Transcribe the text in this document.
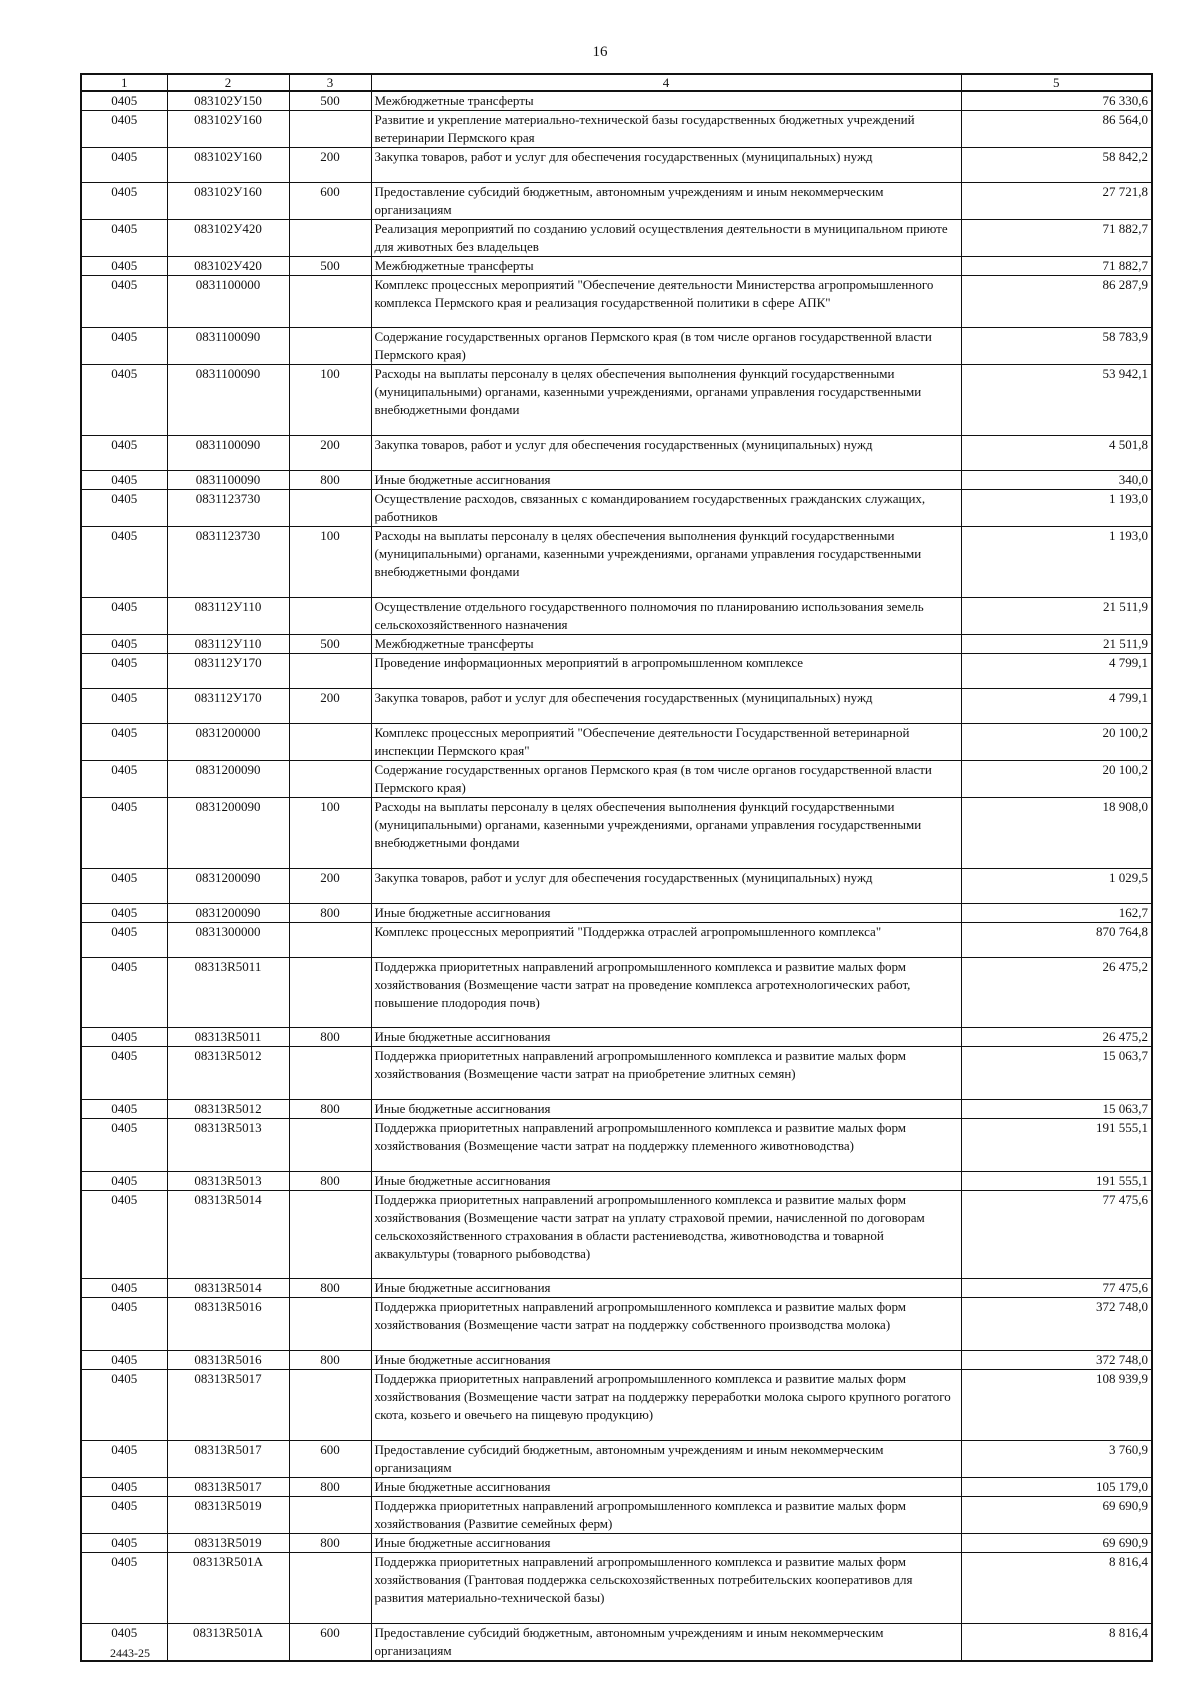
16
1	2	3	4	5
0405	083102У150	500	Межбюджетные трансферты	76 330,6
0405	083102У160		Развитие и укрепление материально-технической базы государственных бюджетных учреждений ветеринарии Пермского края	86 564,0
0405	083102У160	200	Закупка товаров, работ и услуг для обеспечения государственных (муниципальных) нужд	58 842,2
0405	083102У160	600	Предоставление субсидий бюджетным, автономным учреждениям и иным некоммерческим организациям	27 721,8
0405	083102У420		Реализация мероприятий по созданию условий осуществления деятельности в муниципальном приюте для животных без владельцев	71 882,7
0405	083102У420	500	Межбюджетные трансферты	71 882,7
0405	0831100000		Комплекс процессных мероприятий "Обеспечение деятельности Министерства агропромышленного комплекса Пермского края и реализация государственной политики в сфере АПК"	86 287,9
0405	0831100090		Содержание государственных органов Пермского края (в том числе органов государственной власти Пермского края)	58 783,9
0405	0831100090	100	Расходы на выплаты персоналу в целях обеспечения выполнения функций государственными (муниципальными) органами, казенными учреждениями, органами управления государственными внебюджетными фондами	53 942,1
0405	0831100090	200	Закупка товаров, работ и услуг для обеспечения государственных (муниципальных) нужд	4 501,8
0405	0831100090	800	Иные бюджетные ассигнования	340,0
0405	0831123730		Осуществление расходов, связанных с командированием государственных гражданских служащих, работников	1 193,0
0405	0831123730	100	Расходы на выплаты персоналу в целях обеспечения выполнения функций государственными (муниципальными) органами, казенными учреждениями, органами управления государственными внебюджетными фондами	1 193,0
0405	083112У110		Осуществление отдельного государственного полномочия по планированию использования земель сельскохозяйственного назначения	21 511,9
0405	083112У110	500	Межбюджетные трансферты	21 511,9
0405	083112У170		Проведение информационных мероприятий в агропромышленном комплексе	4 799,1
0405	083112У170	200	Закупка товаров, работ и услуг для обеспечения государственных (муниципальных) нужд	4 799,1
0405	0831200000		Комплекс процессных мероприятий "Обеспечение деятельности Государственной ветеринарной инспекции Пермского края"	20 100,2
0405	0831200090		Содержание государственных органов Пермского края (в том числе органов государственной власти Пермского края)	20 100,2
0405	0831200090	100	Расходы на выплаты персоналу в целях обеспечения выполнения функций государственными (муниципальными) органами, казенными учреждениями, органами управления государственными внебюджетными фондами	18 908,0
0405	0831200090	200	Закупка товаров, работ и услуг для обеспечения государственных (муниципальных) нужд	1 029,5
0405	0831200090	800	Иные бюджетные ассигнования	162,7
0405	0831300000		Комплекс процессных мероприятий "Поддержка отраслей агропромышленного комплекса"	870 764,8
0405	08313R5011		Поддержка приоритетных направлений агропромышленного комплекса и развитие малых форм хозяйствования (Возмещение части затрат на проведение комплекса агротехнологических работ, повышение плодородия почв)	26 475,2
0405	08313R5011	800	Иные бюджетные ассигнования	26 475,2
0405	08313R5012		Поддержка приоритетных направлений агропромышленного комплекса и развитие малых форм хозяйствования (Возмещение части затрат на приобретение элитных семян)	15 063,7
0405	08313R5012	800	Иные бюджетные ассигнования	15 063,7
0405	08313R5013		Поддержка приоритетных направлений агропромышленного комплекса и развитие малых форм хозяйствования (Возмещение части затрат на поддержку племенного животноводства)	191 555,1
0405	08313R5013	800	Иные бюджетные ассигнования	191 555,1
0405	08313R5014		Поддержка приоритетных направлений агропромышленного комплекса и развитие малых форм хозяйствования (Возмещение части затрат на уплату страховой премии, начисленной по договорам сельскохозяйственного страхования в области растениеводства, животноводства и товарной аквакультуры (товарного рыбоводства)	77 475,6
0405	08313R5014	800	Иные бюджетные ассигнования	77 475,6
0405	08313R5016		Поддержка приоритетных направлений агропромышленного комплекса и развитие малых форм хозяйствования (Возмещение части затрат на поддержку собственного производства молока)	372 748,0
0405	08313R5016	800	Иные бюджетные ассигнования	372 748,0
0405	08313R5017		Поддержка приоритетных направлений агропромышленного комплекса и развитие малых форм хозяйствования (Возмещение части затрат на поддержку переработки молока сырого крупного рогатого скота, козьего и овечьего на пищевую продукцию)	108 939,9
0405	08313R5017	600	Предоставление субсидий бюджетным, автономным учреждениям и иным некоммерческим организациям	3 760,9
0405	08313R5017	800	Иные бюджетные ассигнования	105 179,0
0405	08313R5019		Поддержка приоритетных направлений агропромышленного комплекса и развитие малых форм хозяйствования (Развитие семейных ферм)	69 690,9
0405	08313R5019	800	Иные бюджетные ассигнования	69 690,9
0405	08313R501A		Поддержка приоритетных направлений агропромышленного комплекса и развитие малых форм хозяйствования (Грантовая поддержка сельскохозяйственных потребительских кооперативов для развития материально-технической базы)	8 816,4
0405	08313R501A	600	Предоставление субсидий бюджетным, автономным учреждениям и иным некоммерческим организациям	8 816,4
2443-25
